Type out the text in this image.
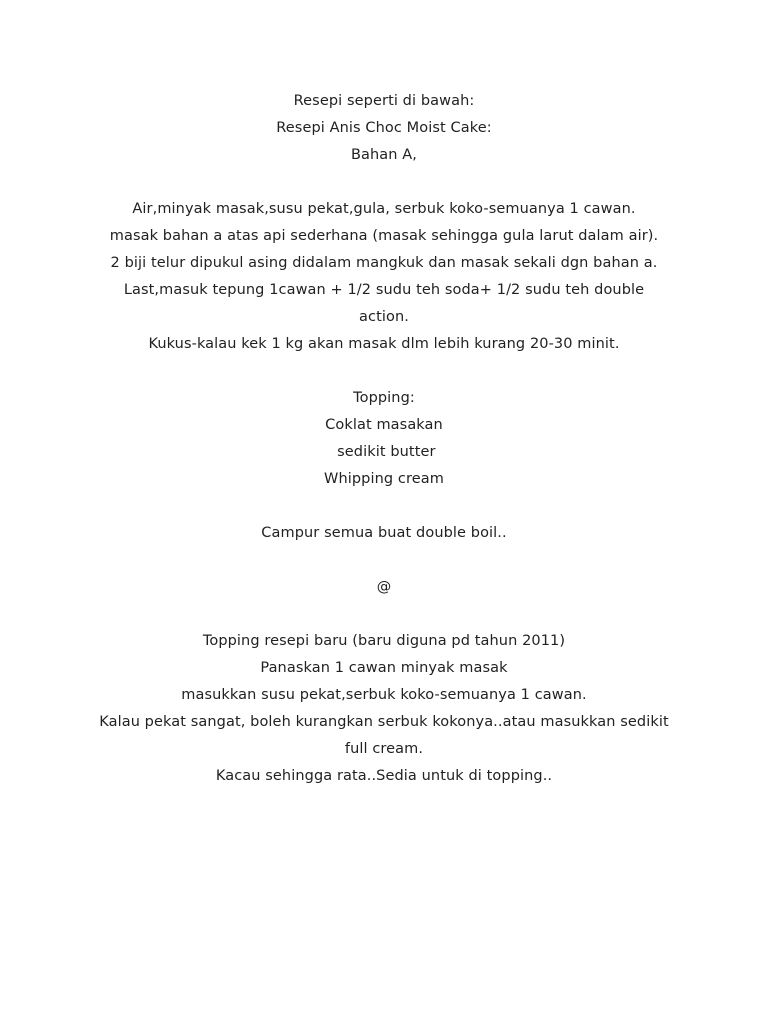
Resepi seperti di bawah:
Resepi Anis Choc Moist Cake:
Bahan A,
Air,minyak masak,susu pekat,gula, serbuk koko-semuanya 1 cawan.
masak bahan a atas api sederhana (masak sehingga gula larut dalam air).
2 biji telur dipukul asing didalam mangkuk dan masak sekali dgn bahan a.
Last,masuk tepung 1cawan + 1/2 sudu teh soda+ 1/2 sudu teh double
action.
Kukus-kalau kek 1 kg akan masak dlm lebih kurang 20-30 minit.
Topping:
Coklat masakan
sedikit butter
Whipping cream
Campur semua buat double boil..
@
Topping resepi baru (baru diguna pd tahun 2011)
Panaskan 1 cawan minyak masak
masukkan susu pekat,serbuk koko-semuanya 1 cawan.
Kalau pekat sangat, boleh kurangkan serbuk kokonya..atau masukkan sedikit
full cream.
Kacau sehingga rata..Sedia untuk di topping..
